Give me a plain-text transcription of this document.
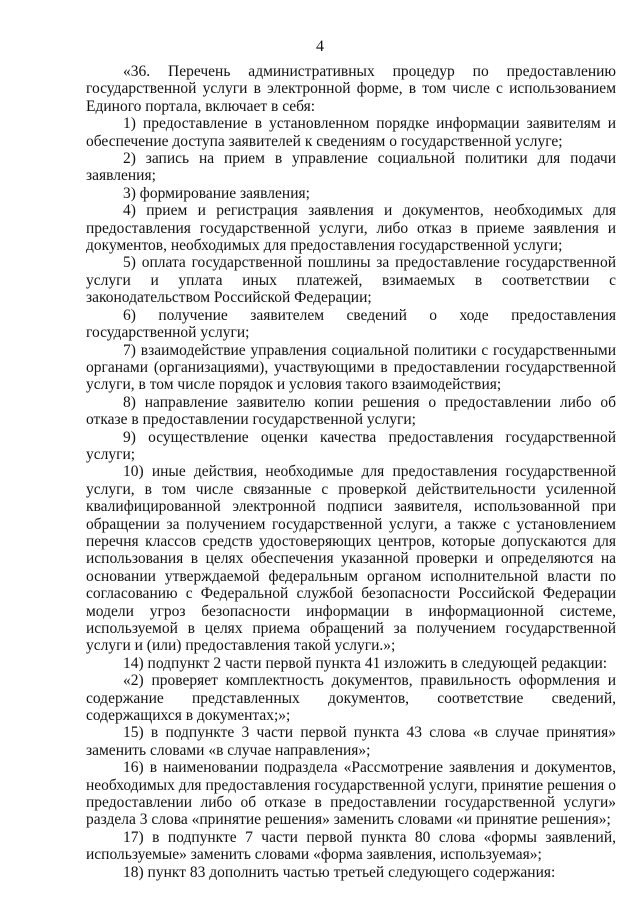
4

«36. Перечень административных процедур по предоставлению государственной услуги в электронной форме, в том числе с использованием Единого портала, включает в себя:

1) предоставление в установленном порядке информации заявителям и обеспечение доступа заявителей к сведениям о государственной услуге;

2) запись на прием в управление социальной политики для подачи заявления;

3) формирование заявления;

4) прием и регистрация заявления и документов, необходимых для предоставления государственной услуги, либо отказ в приеме заявления и документов, необходимых для предоставления государственной услуги;

5) оплата государственной пошлины за предоставление государственной услуги и уплата иных платежей, взимаемых в соответствии с законодательством Российской Федерации;

6) получение заявителем сведений о ходе предоставления государственной услуги;

7) взаимодействие управления социальной политики с государственными органами (организациями), участвующими в предоставлении государственной услуги, в том числе порядок и условия такого взаимодействия;

8) направление заявителю копии решения о предоставлении либо об отказе в предоставлении государственной услуги;

9) осуществление оценки качества предоставления государственной услуги;

10) иные действия, необходимые для предоставления государственной услуги, в том числе связанные с проверкой действительности усиленной квалифицированной электронной подписи заявителя, использованной при обращении за получением государственной услуги, а также с установлением перечня классов средств удостоверяющих центров, которые допускаются для использования в целях обеспечения указанной проверки и определяются на основании утверждаемой федеральным органом исполнительной власти по согласованию с Федеральной службой безопасности Российской Федерации модели угроз безопасности информации в информационной системе, используемой в целях приема обращений за получением государственной услуги и (или) предоставления такой услуги.»;

14) подпункт 2 части первой пункта 41 изложить в следующей редакции:

«2) проверяет комплектность документов, правильность оформления и содержание представленных документов, соответствие сведений, содержащихся в документах;»;

15) в подпункте 3 части первой пункта 43 слова «в случае принятия» заменить словами «в случае направления»;

16) в наименовании подраздела «Рассмотрение заявления и документов, необходимых для предоставления государственной услуги, принятие решения о предоставлении либо об отказе в предоставлении государственной услуги» раздела 3 слова «принятие решения» заменить словами «и принятие решения»;

17) в подпункте 7 части первой пункта 80 слова «формы заявлений, используемые» заменить словами «форма заявления, используемая»;

18) пункт 83 дополнить частью третьей следующего содержания:
